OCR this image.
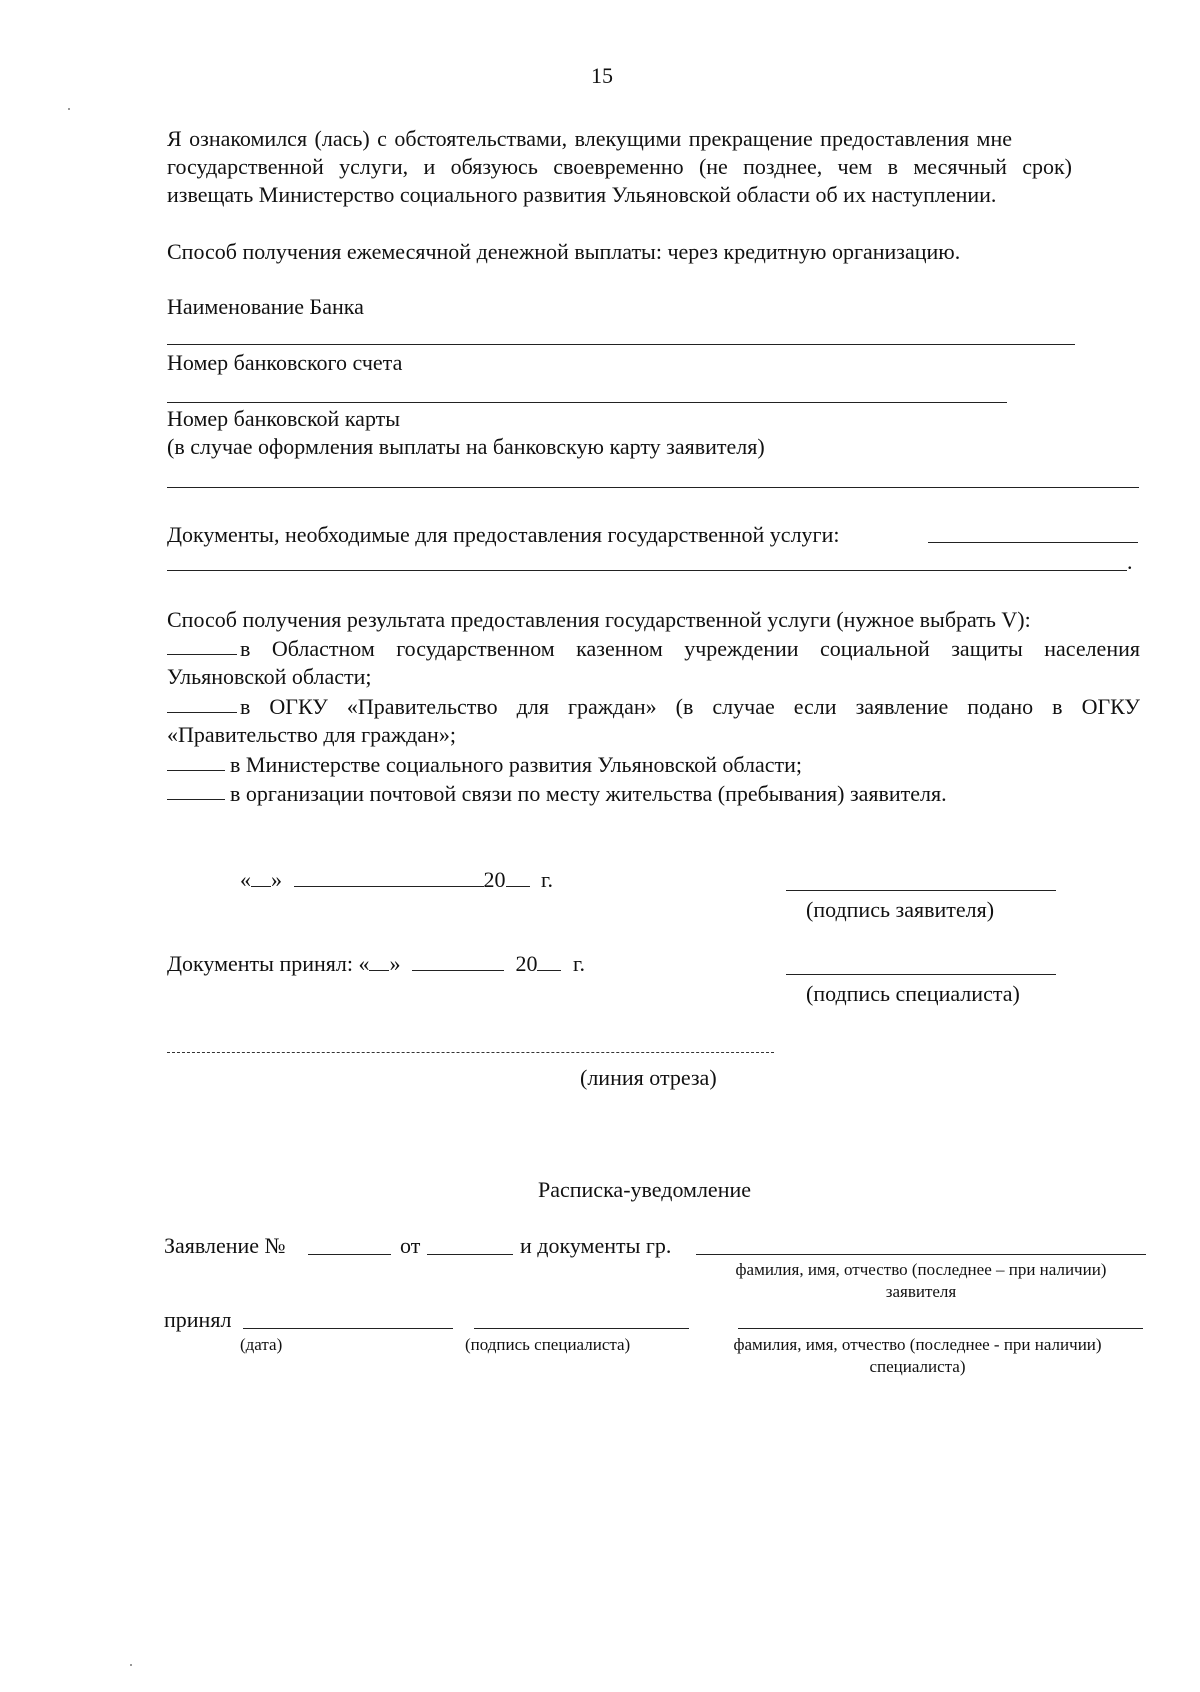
15
Я ознакомился (лась) с обстоятельствами, влекущими прекращение предоставления мне
государственной услуги, и обязуюсь своевременно (не позднее, чем в месячный срок)
извещать Министерство социального развития Ульяновской области об их наступлении.
Способ получения ежемесячной денежной выплаты: через кредитную организацию.
Наименование Банка
Номер банковского счета
Номер банковской карты
(в случае оформления выплаты на банковскую карту заявителя)
Документы, необходимые для предоставления государственной услуги:
.
Способ получения результата предоставления государственной услуги (нужное выбрать V):
в Областном государственном казенном учреждении социальной защиты населения
Ульяновской области;
в ОГКУ «Правительство для граждан» (в случае если заявление подано в ОГКУ
«Правительство для граждан»;
в Министерстве социального развития Ульяновской области;
в организации почтовой связи по месту жительства (пребывания) заявителя.
« »	20 г.
(подпись заявителя)
Документы принял: « »	20 г.
(подпись специалиста)
(линия отреза)
Расписка-уведомление
Заявление №	от	и документы гр.
фамилия, имя, отчество (последнее – при наличии)
заявителя
принял
(дата)	(подпись специалиста)	фамилия, имя, отчество (последнее - при наличии)
специалиста)
